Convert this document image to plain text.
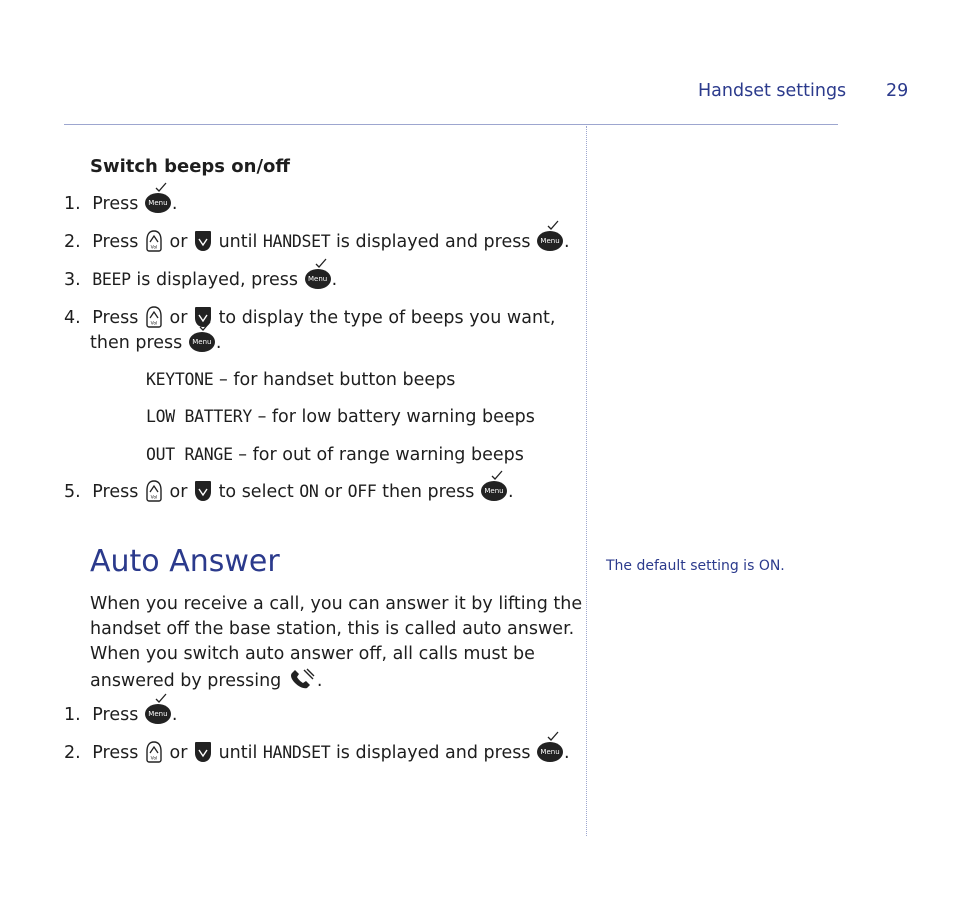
Handset settings 29
Switch beeps on/off
1. Press	Menu .
2. Press	Vol or until HANDSET is displayed and press	Menu .
3. BEEP is displayed, press	Menu .
4. Press	Vol or to display the type of beeps you want,
then press	Menu .
KEYTONE – for handset button beeps
LOW BATTERY – for low battery warning beeps
OUT RANGE – for out of range warning beeps
5. Press	Vol or to select ON or OFF then press	Menu .
Auto Answer	The default setting is ON.
When you receive a call, you can answer it by lifting the
handset off the base station, this is called auto answer.
When you switch auto answer off, all calls must be
answered by pressing .
1. Press	Menu .
2. Press	Vol or until HANDSET is displayed and press	Menu .
